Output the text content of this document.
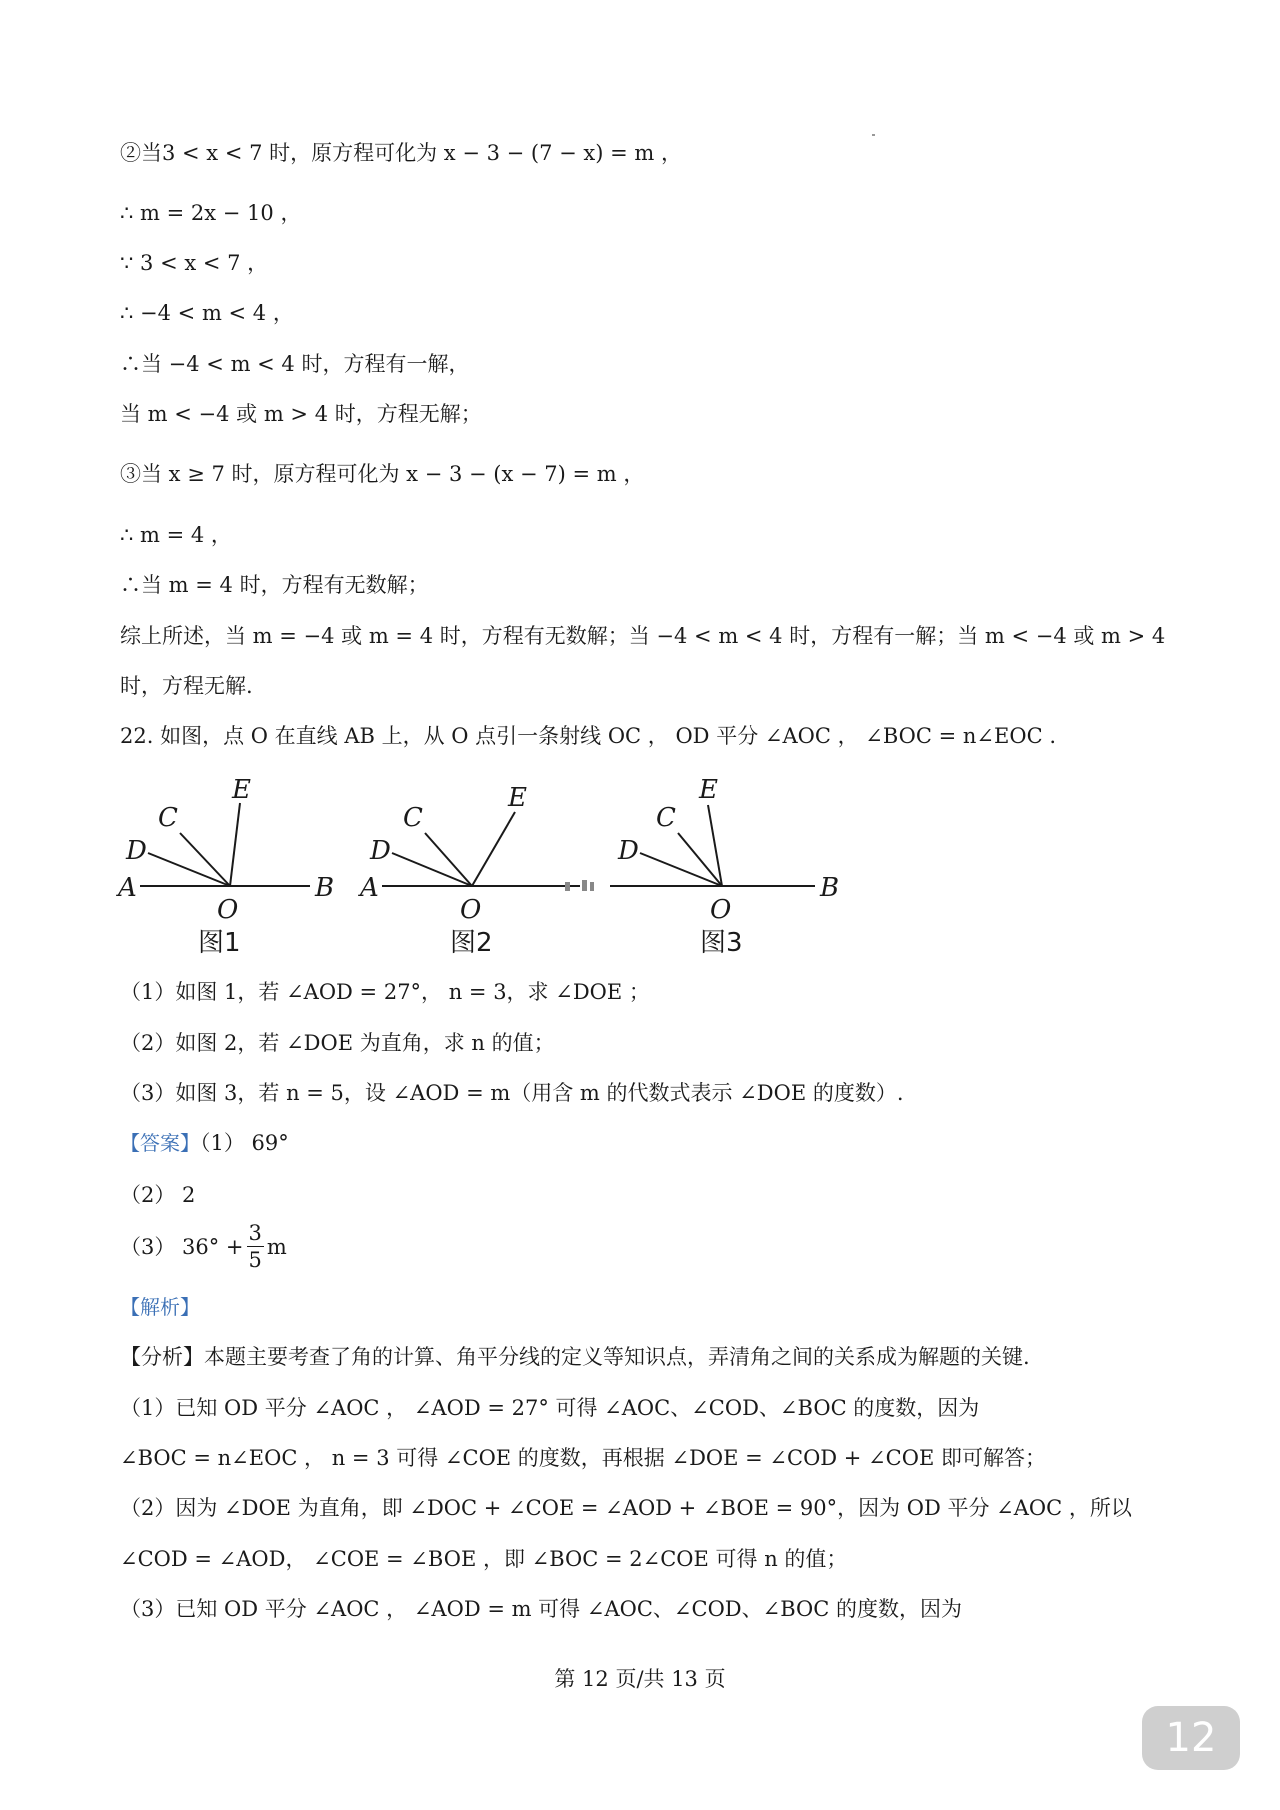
②当3 < x < 7 时，原方程可化为 x − 3 − (7 − x) = m ，
∴ m = 2x − 10 ，
∵ 3 < x < 7 ，
∴ −4 < m < 4 ，
∴当 −4 < m < 4 时，方程有一解，
当 m < −4 或 m > 4 时，方程无解；
③当 x ≥ 7 时，原方程可化为 x − 3 − (x − 7) = m ，
∴ m = 4 ，
∴当 m = 4 时，方程有无数解；
综上所述，当 m = −4 或 m = 4 时，方程有无数解；当 −4 < m < 4 时，方程有一解；当 m < −4 或 m > 4
时，方程无解.
22. 如图，点 O 在直线 AB 上，从 O 点引一条射线 OC ， OD 平分 ∠AOC ， ∠BOC = n∠EOC .
A	B
O
C
D
E
A
O
C
D
E
B
O
C
D
E
图1	图2	图3
（1）如图 1，若 ∠AOD = 27°， n = 3，求 ∠DOE ；
（2）如图 2，若 ∠DOE 为直角，求 n 的值；
（3）如图 3，若 n = 5，设 ∠AOD = m（用含 m 的代数式表示 ∠DOE 的度数）.
【答案】（1） 69°
（2） 2
（3） $36^\circ + \frac{3}{5}$ m
【解析】
【分析】本题主要考查了角的计算、角平分线的定义等知识点，弄清角之间的关系成为解题的关键.
（1）已知 OD 平分 ∠AOC ， ∠AOD = 27° 可得 ∠AOC、∠COD、∠BOC 的度数，因为
∠BOC = n∠EOC ， n = 3 可得 ∠COE 的度数，再根据 ∠DOE = ∠COD + ∠COE 即可解答；
（2）因为 ∠DOE 为直角，即 ∠DOC + ∠COE = ∠AOD + ∠BOE = 90°，因为 OD 平分 ∠AOC ，所以
∠COD = ∠AOD， ∠COE = ∠BOE ，即 ∠BOC = 2∠COE 可得 n 的值；
（3）已知 OD 平分 ∠AOC ， ∠AOD = m 可得 ∠AOC、∠COD、∠BOC 的度数，因为
第 12 页/共 13 页
12
